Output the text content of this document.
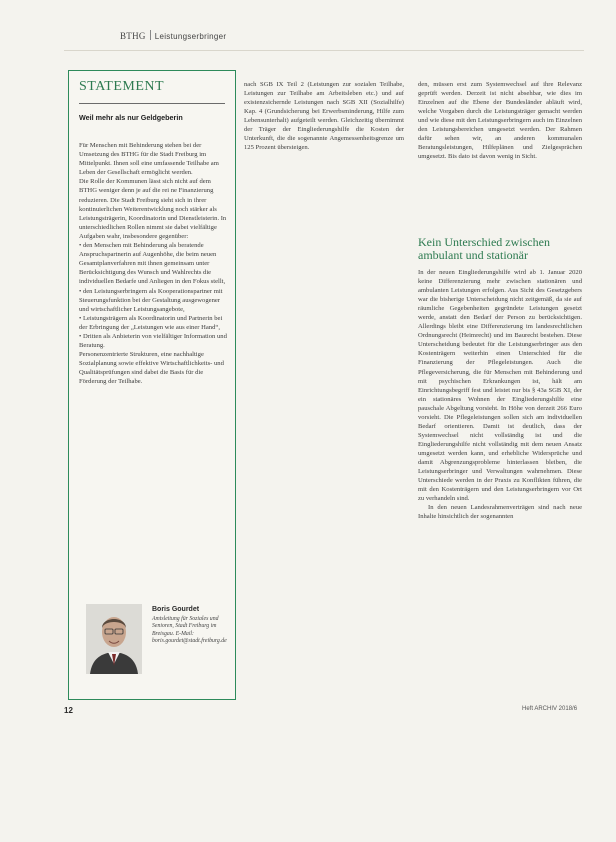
BTHG Leistungserbringer
STATEMENT
Weil mehr als nur Geldgeberin

Für Menschen mit Behinderung stehen bei der Umsetzung des BTHG für die Stadt Freiburg im Mittelpunkt. Ihnen soll eine umfassende Teilhabe am Leben der Gesellschaft ermöglicht werden.

Die Rolle der Kommunen lässt sich nicht auf dem BTHG weniger denn je auf die rei ne Finanzierung reduzieren. Die Stadt Freiburg sieht sich in ihrer kontinuierlichen Weiterentwicklung noch stärker als Leistungsträgerin, Koordinatorin und Dienstleisterin. In unterschiedlichen Rollen nimmt sie dabei vielfältige Aufgaben wahr, insbesondere gegenüber:

• den Menschen mit Behinderung als beratende Anspruchspartnerin auf Augenhöhe, die beim neuen Gesamtplanverfahren mit ihnen gemeinsam unter Berücksichtigung des Wunsch und Wahlrechts die individuellen Bedarfe und Anliegen in den Fokus stellt,

• den Leistungserbringern als Kooperationspartner mit Steuerungsfunktion bei der Gestaltung ausgewogener und wirtschaftlicher Leistungsangebote,

• Leistungsträgern als Koordinatorin und Partnerin bei der Erbringung der „Leistungen wie aus einer Hand“,

• Dritten als Anbieterin von vielfältiger Information und Beratung.

Personenzentrierte Strukturen, eine nachhaltige Sozialplanung sowie effektive Wirtschaftlichkeits- und Qualitätsprüfungen sind dabei die Basis für die Förderung der Teilhabe.

Boris Gourdet
Amtsleitung für Soziales und Senioren, Stadt Freiburg im Breisgau. E-Mail: boris.gourdet@stadt.freiburg.de

nach SGB IX Teil 2 (Leistungen zur sozialen Teilhabe, Leistungen zur Teilhabe am Arbeitsleben etc.) und auf existenzsichernde Leistungen nach SGB XII (Sozialhilfe) Kap. 4 (Grundsicherung bei Erwerbsminderung, Hilfe zum Lebensunterhalt) aufgeteilt werden. Gleichzeitig übernimmt der Träger der Eingliederungshilfe die Kosten der Unterkunft, die die sogenannte Angemessenheitsgrenze um 125 Prozent übersteigen.

den, müssen erst zum Systemwechsel auf ihre Relevanz geprüft werden. Derzeit ist nicht absehbar, wie dies im Einzelnen auf die Ebene der Bundesländer abläuft wird, welche Vorgaben durch die Leistungsträger gemacht werden und wie diese mit den Leistungserbringern auch im Einzelnen den Leistungsbereichen umgesetzt werden. Der Rahmen dafür sehen wir, an anderen kommunalen Beratungsleistungen, Hilfeplänen und Zielgesprächen umgesetzt. Bis dato ist davon wenig in Sicht.

Kein Unterschied zwischen ambulant und stationär

In der neuen Eingliederungshilfe wird ab 1. Januar 2020 keine Differenzierung mehr zwischen stationären und ambulanten Leistungen erfolgen. Aus Sicht des Gesetzgebers war die bisherige Unterscheidung nicht zeitgemäß, da sie auf räumliche Gegebenheiten gegründete Leistungen gesetzt werde, anstatt den Bedarf der Person zu berücksichtigen. Allerdings bleibt eine Differenzierung im landesrechtlichen Ordnungsrecht (Heimrecht) und im Baurecht bestehen. Diese Unterscheidung bedeutet für die Leistungserbringer aus den Kostenträgern weiterhin einen Unterschied für die Finanzierung der Pflegeleistungen. Auch die Pflegeversicherung, die für Menschen mit Behinderung und mit psychischen Erkrankungen ist, hält am Einrichtungsbegriff fest und leistet nur bis § 43a SGB XI, der ein stationäres Wohnen der Eingliederungshilfe eine pauschale Abgeltung vorsieht. In Höhe von derzeit 266 Euro vorsieht. Die Pflegeleistungen sollen sich am individuellen Bedarf orientieren. Damit ist deutlich, dass der Systemwechsel nicht vollständig ist und die Eingliederungshilfe nicht vollständig mit dem neuen Ansatz umgesetzt werden kann, und erhebliche Widersprüche und damit Abgrenzungsprobleme hinterlassen bleiben, die Leistungserbringer und Verwaltungen wahrnehmen. Diese Unterschiede werden in der Praxis zu Konflikten führen, die mit den Kostenträgern und den Leistungserbringern vor Ort zu verhandeln sind.

In den neuen Landesrahmenverträgen sind nach neue Inhalte hinsichtlich der sogenannten

12	Heft ARCHIV 2018/6
